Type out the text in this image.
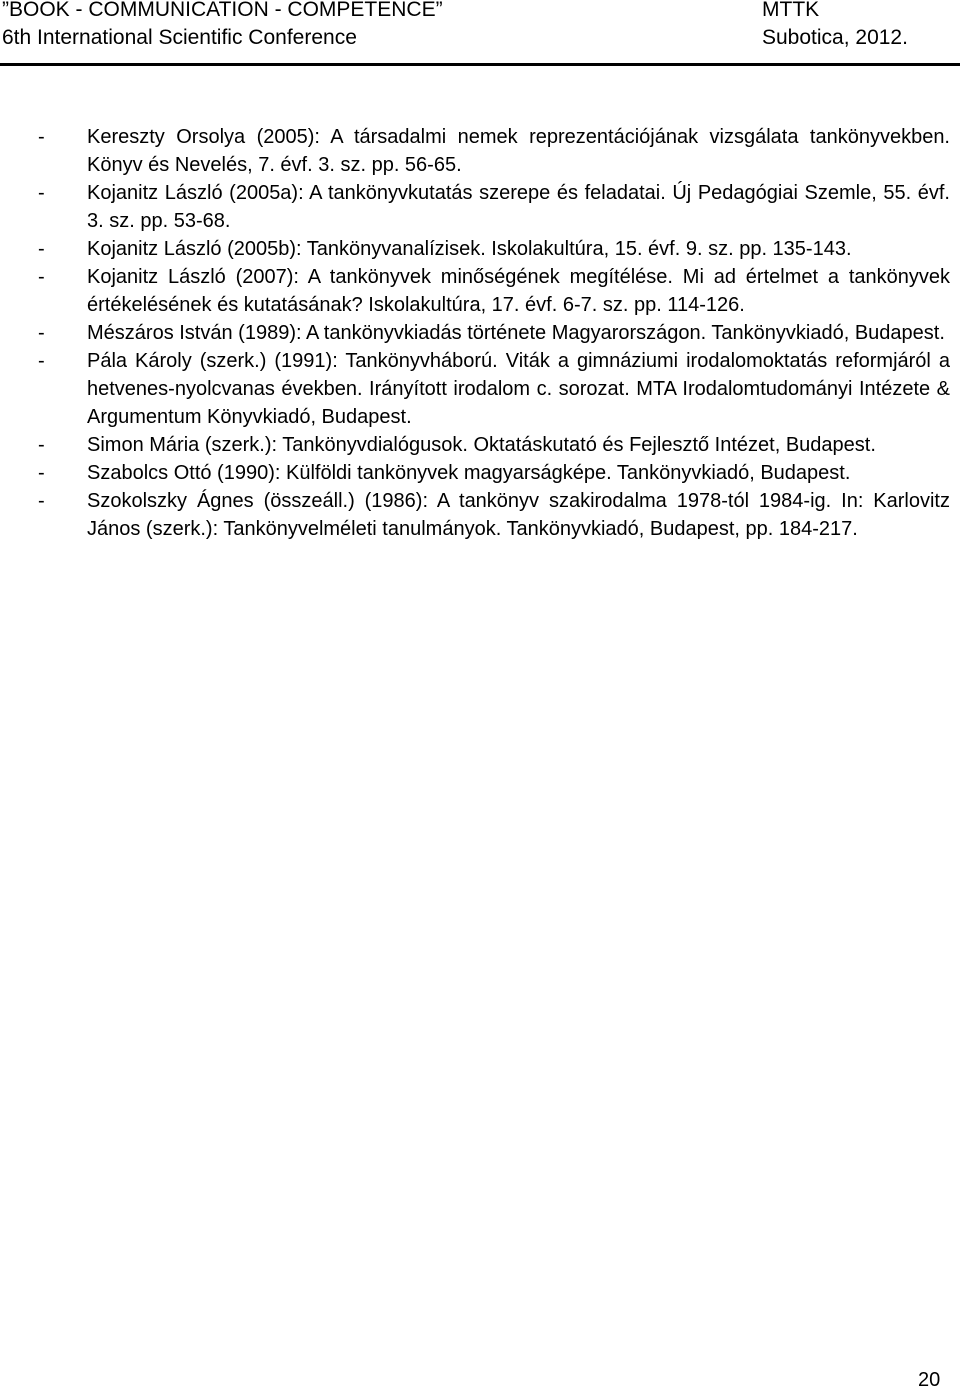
”BOOK - COMMUNICATION - COMPETENCE”	MTTK
6th International Scientific Conference	Subotica, 2012.
- Kereszty Orsolya (2005): A társadalmi nemek reprezentációjának vizsgálata tankönyvekben. Könyv és Nevelés, 7. évf. 3. sz. pp. 56-65.
- Kojanitz László (2005a): A tankönyvkutatás szerepe és feladatai. Új Pedagógiai Szemle, 55. évf. 3. sz. pp. 53-68.
- Kojanitz László (2005b): Tankönyvanalízisek. Iskolakultúra, 15. évf. 9. sz. pp. 135-143.
- Kojanitz László (2007): A tankönyvek minőségének megítélése. Mi ad értelmet a tankönyvek értékelésének és kutatásának? Iskolakultúra, 17. évf. 6-7. sz. pp. 114-126.
- Mészáros István (1989): A tankönyvkiadás története Magyarországon. Tankönyvkiadó, Budapest.
- Pála Károly (szerk.) (1991): Tankönyvháború. Viták a gimnáziumi irodalomoktatás reformjáról a hetvenes-nyolcvanas években. Irányított irodalom c. sorozat. MTA Irodalomtudományi Intézete & Argumentum Könyvkiadó, Budapest.
- Simon Mária (szerk.): Tankönyvdialógusok. Oktatáskutató és Fejlesztő Intézet, Budapest.
- Szabolcs Ottó (1990): Külföldi tankönyvek magyarságképe. Tankönyvkiadó, Budapest.
- Szokolszky Ágnes (összeáll.) (1986): A tankönyv szakirodalma 1978-tól 1984-ig. In: Karlovitz János (szerk.): Tankönyvelméleti tanulmányok. Tankönyvkiadó, Budapest, pp. 184-217.
20
